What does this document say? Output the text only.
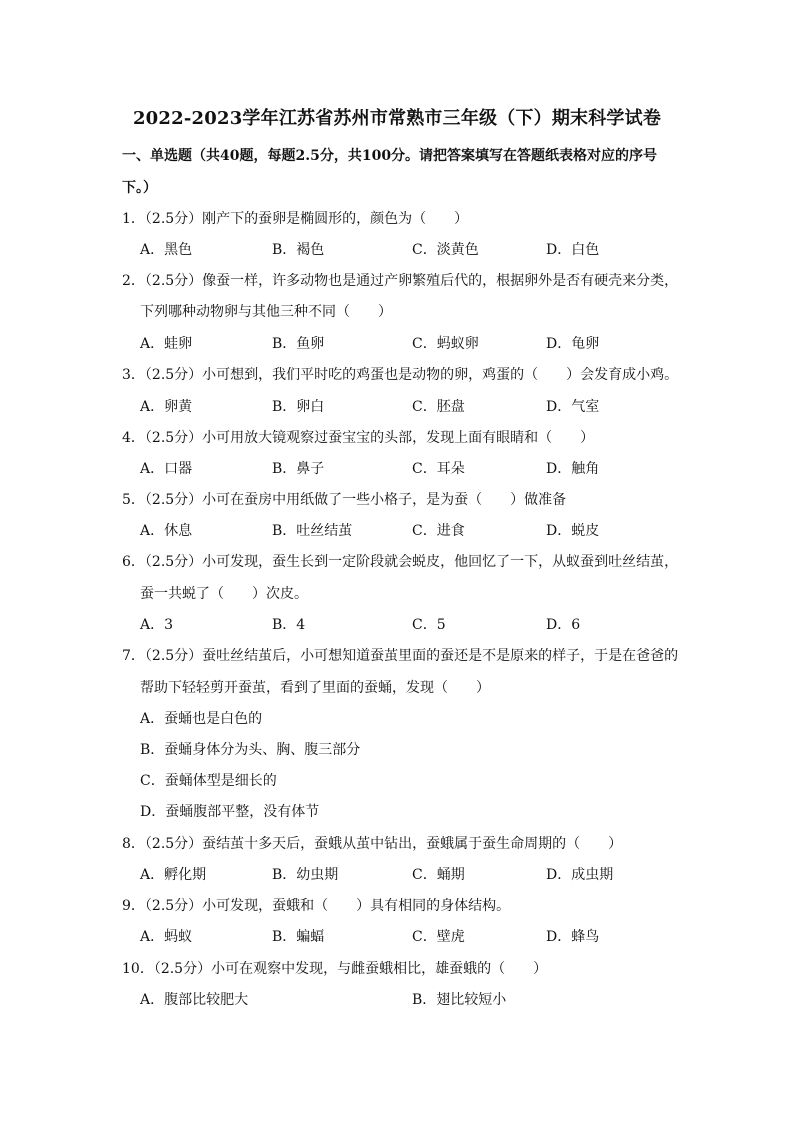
2022-2023学年江苏省苏州市常熟市三年级（下）期末科学试卷
一、单选题（共40题，每题2.5分，共100分。请把答案填写在答题纸表格对应的序号
下。）
1．（2.5分）刚产下的蚕卵是椭圆形的，颜色为（　　）
A．黑色	B．褐色	C．淡黄色	D．白色
2．（2.5分）像蚕一样，许多动物也是通过产卵繁殖后代的，根据卵外是否有硬壳来分类，
下列哪种动物卵与其他三种不同（　　）
A．蛙卵	B．鱼卵	C．蚂蚁卵	D．龟卵
3．（2.5分）小可想到，我们平时吃的鸡蛋也是动物的卵，鸡蛋的（　　）会发育成小鸡。
A．卵黄	B．卵白	C．胚盘	D．气室
4．（2.5分）小可用放大镜观察过蚕宝宝的头部，发现上面有眼睛和（　　）
A．口器	B．鼻子	C．耳朵	D．触角
5．（2.5分）小可在蚕房中用纸做了一些小格子，是为蚕（　　）做准备
A．休息	B．吐丝结茧	C．进食	D．蜕皮
6．（2.5分）小可发现，蚕生长到一定阶段就会蜕皮，他回忆了一下，从蚁蚕到吐丝结茧，
蚕一共蜕了（　　）次皮。
A．3	B．4	C．5	D．6
7．（2.5分）蚕吐丝结茧后，小可想知道蚕茧里面的蚕还是不是原来的样子，于是在爸爸的
帮助下轻轻剪开蚕茧，看到了里面的蚕蛹，发现（　　）
A．蚕蛹也是白色的
B．蚕蛹身体分为头、胸、腹三部分
C．蚕蛹体型是细长的
D．蚕蛹腹部平整，没有体节
8．（2.5分）蚕结茧十多天后，蚕蛾从茧中钻出，蚕蛾属于蚕生命周期的（　　）
A．孵化期	B．幼虫期	C．蛹期	D．成虫期
9．（2.5分）小可发现，蚕蛾和（　　）具有相同的身体结构。
A．蚂蚁	B．蝙蝠	C．壁虎	D．蜂鸟
10．（2.5分）小可在观察中发现，与雌蚕蛾相比，雄蚕蛾的（　　）
A．腹部比较肥大	B．翅比较短小
